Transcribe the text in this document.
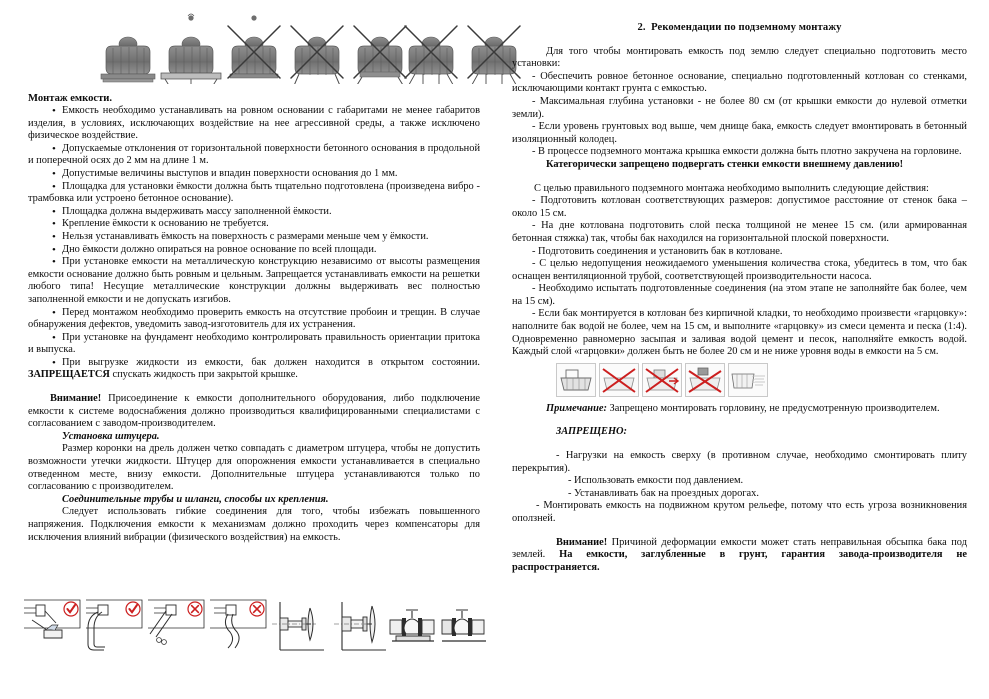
Монтаж емкости.
• Емкость необходимо устанавливать на ровном основании с габаритами не менее габаритов изделия, в условиях, исключающих воздействие на нее агрессивной среды, а также исключено физическое воздействие.
• Допускаемые отклонения от горизонтальной поверхности бетонного основания в продольной и поперечной осях до 2 мм на длине 1 м.
• Допустимые величины выступов и впадин поверхности основания до 1 мм.
• Площадка для установки ёмкости должна быть тщательно подготовлена (произведена вибро - трамбовка или устроено бетонное основание).
• Площадка должна выдерживать массу заполненной ёмкости.
• Крепление ёмкости к основанию не требуется.
• Нельзя устанавливать ёмкость на поверхность с размерами меньше чем у ёмкости.
• Дно ёмкости должно опираться на ровное основание по всей площади.
• При установке емкости на металлическую конструкцию независимо от высоты размещения емкости основание должно быть ровным и цельным. Запрещается устанавливать емкости на решетки любого типа! Несущие металлические конструкции должны выдерживать вес полностью заполненной емкости и не допускать изгибов.
• Перед монтажом необходимо проверить емкость на отсутствие пробоин и трещин. В случае обнаружения дефектов, уведомить завод-изготовитель для их устранения.
• При установке на фундамент необходимо контролировать правильность ориентации притока и выпуска.
• При выгрузке жидкости из емкости, бак должен находится в открытом состоянии. ЗАПРЕЩАЕТСЯ спускать жидкость при закрытой крышке.

Внимание! Присоединение к емкости дополнительного оборудования, либо подключение емкости к системе водоснабжения должно производиться квалифицированными специалистами с согласованием с заводом-производителем.

Установка штуцера.

Размер коронки на дрель должен четко совпадать с диаметром штуцера, чтобы не допустить возможности утечки жидкости. Штуцер для опорожнения емкости устанавливается в специально отведенном месте, внизу емкости. Дополнительные штуцера устанавливаются только по согласованию с производителем.

Соединительные трубы и шланги, способы их крепления.

Следует использовать гибкие соединения для того, чтобы избежать повышенного напряжения. Подключения емкости к механизмам должно проходить через компенсаторы для исключения влияний вибрации (физического воздействия) на емкость.

2. Рекомендации по подземному монтажу

Для того чтобы монтировать емкость под землю следует специально подготовить место установки:

- Обеспечить ровное бетонное основание, специально подготовленный котлован со стенками, исключающими контакт грунта с емкостью.
- Максимальная глубина установки - не более 80 см (от крышки емкости до нулевой отметки земли).
- Если уровень грунтовых вод выше, чем днище бака, емкость следует вмонтировать в бетонный изоляционный колодец.
- В процессе подземного монтажа крышка емкости должна быть плотно закручена на горловине.

Категорически запрещено подвергать стенки емкости внешнему давлению!

С целью правильного подземного монтажа необходимо выполнить следующие действия:

- Подготовить котлован соответствующих размеров: допустимое расстояние от стенок бака – около 15 см.
- На дне котлована подготовить слой песка толщиной не менее 15 см. (или армированная бетонная стяжка) так, чтобы бак находился на горизонтальной плоской поверхности.
- Подготовить соединения и установить бак в котловане.
- С целью недопущения неожидаемого уменьшения количества стока, убедитесь в том, что бак оснащен вентиляционной трубой, соответствующей производительности насоса.
- Необходимо испытать подготовленные соединения (на этом этапе не заполняйте бак более, чем на 15 см).
- Если бак монтируется в котлован без кирпичной кладки, то необходимо произвести «гарцовку»: наполните бак водой не более, чем на 15 см, и выполните «гарцовку» из смеси цемента и песка (1:4). Одновременно равномерно засыпая и заливая водой цемент и песок, наполняйте емкость водой. Каждый слой «гарцовки» должен быть не более 20 см и не ниже уровня воды в емкости на 5 см.

Примечание: Запрещено монтировать горловину, не предусмотренную производителем.

ЗАПРЕЩЕНО:

- Нагрузки на емкость сверху (в противном случае, необходимо смонтировать плиту перекрытия).
- Использовать емкости под давлением.
- Устанавливать бак на проездных дорогах.
- Монтировать емкость на подвижном крутом рельефе, потому что есть угроза возникновения оползней.

Внимание! Причиной деформации емкости может стать неправильная обсыпка бака под землей. На емкости, заглубленные в грунт, гарантия завода-производителя не распространяется.
